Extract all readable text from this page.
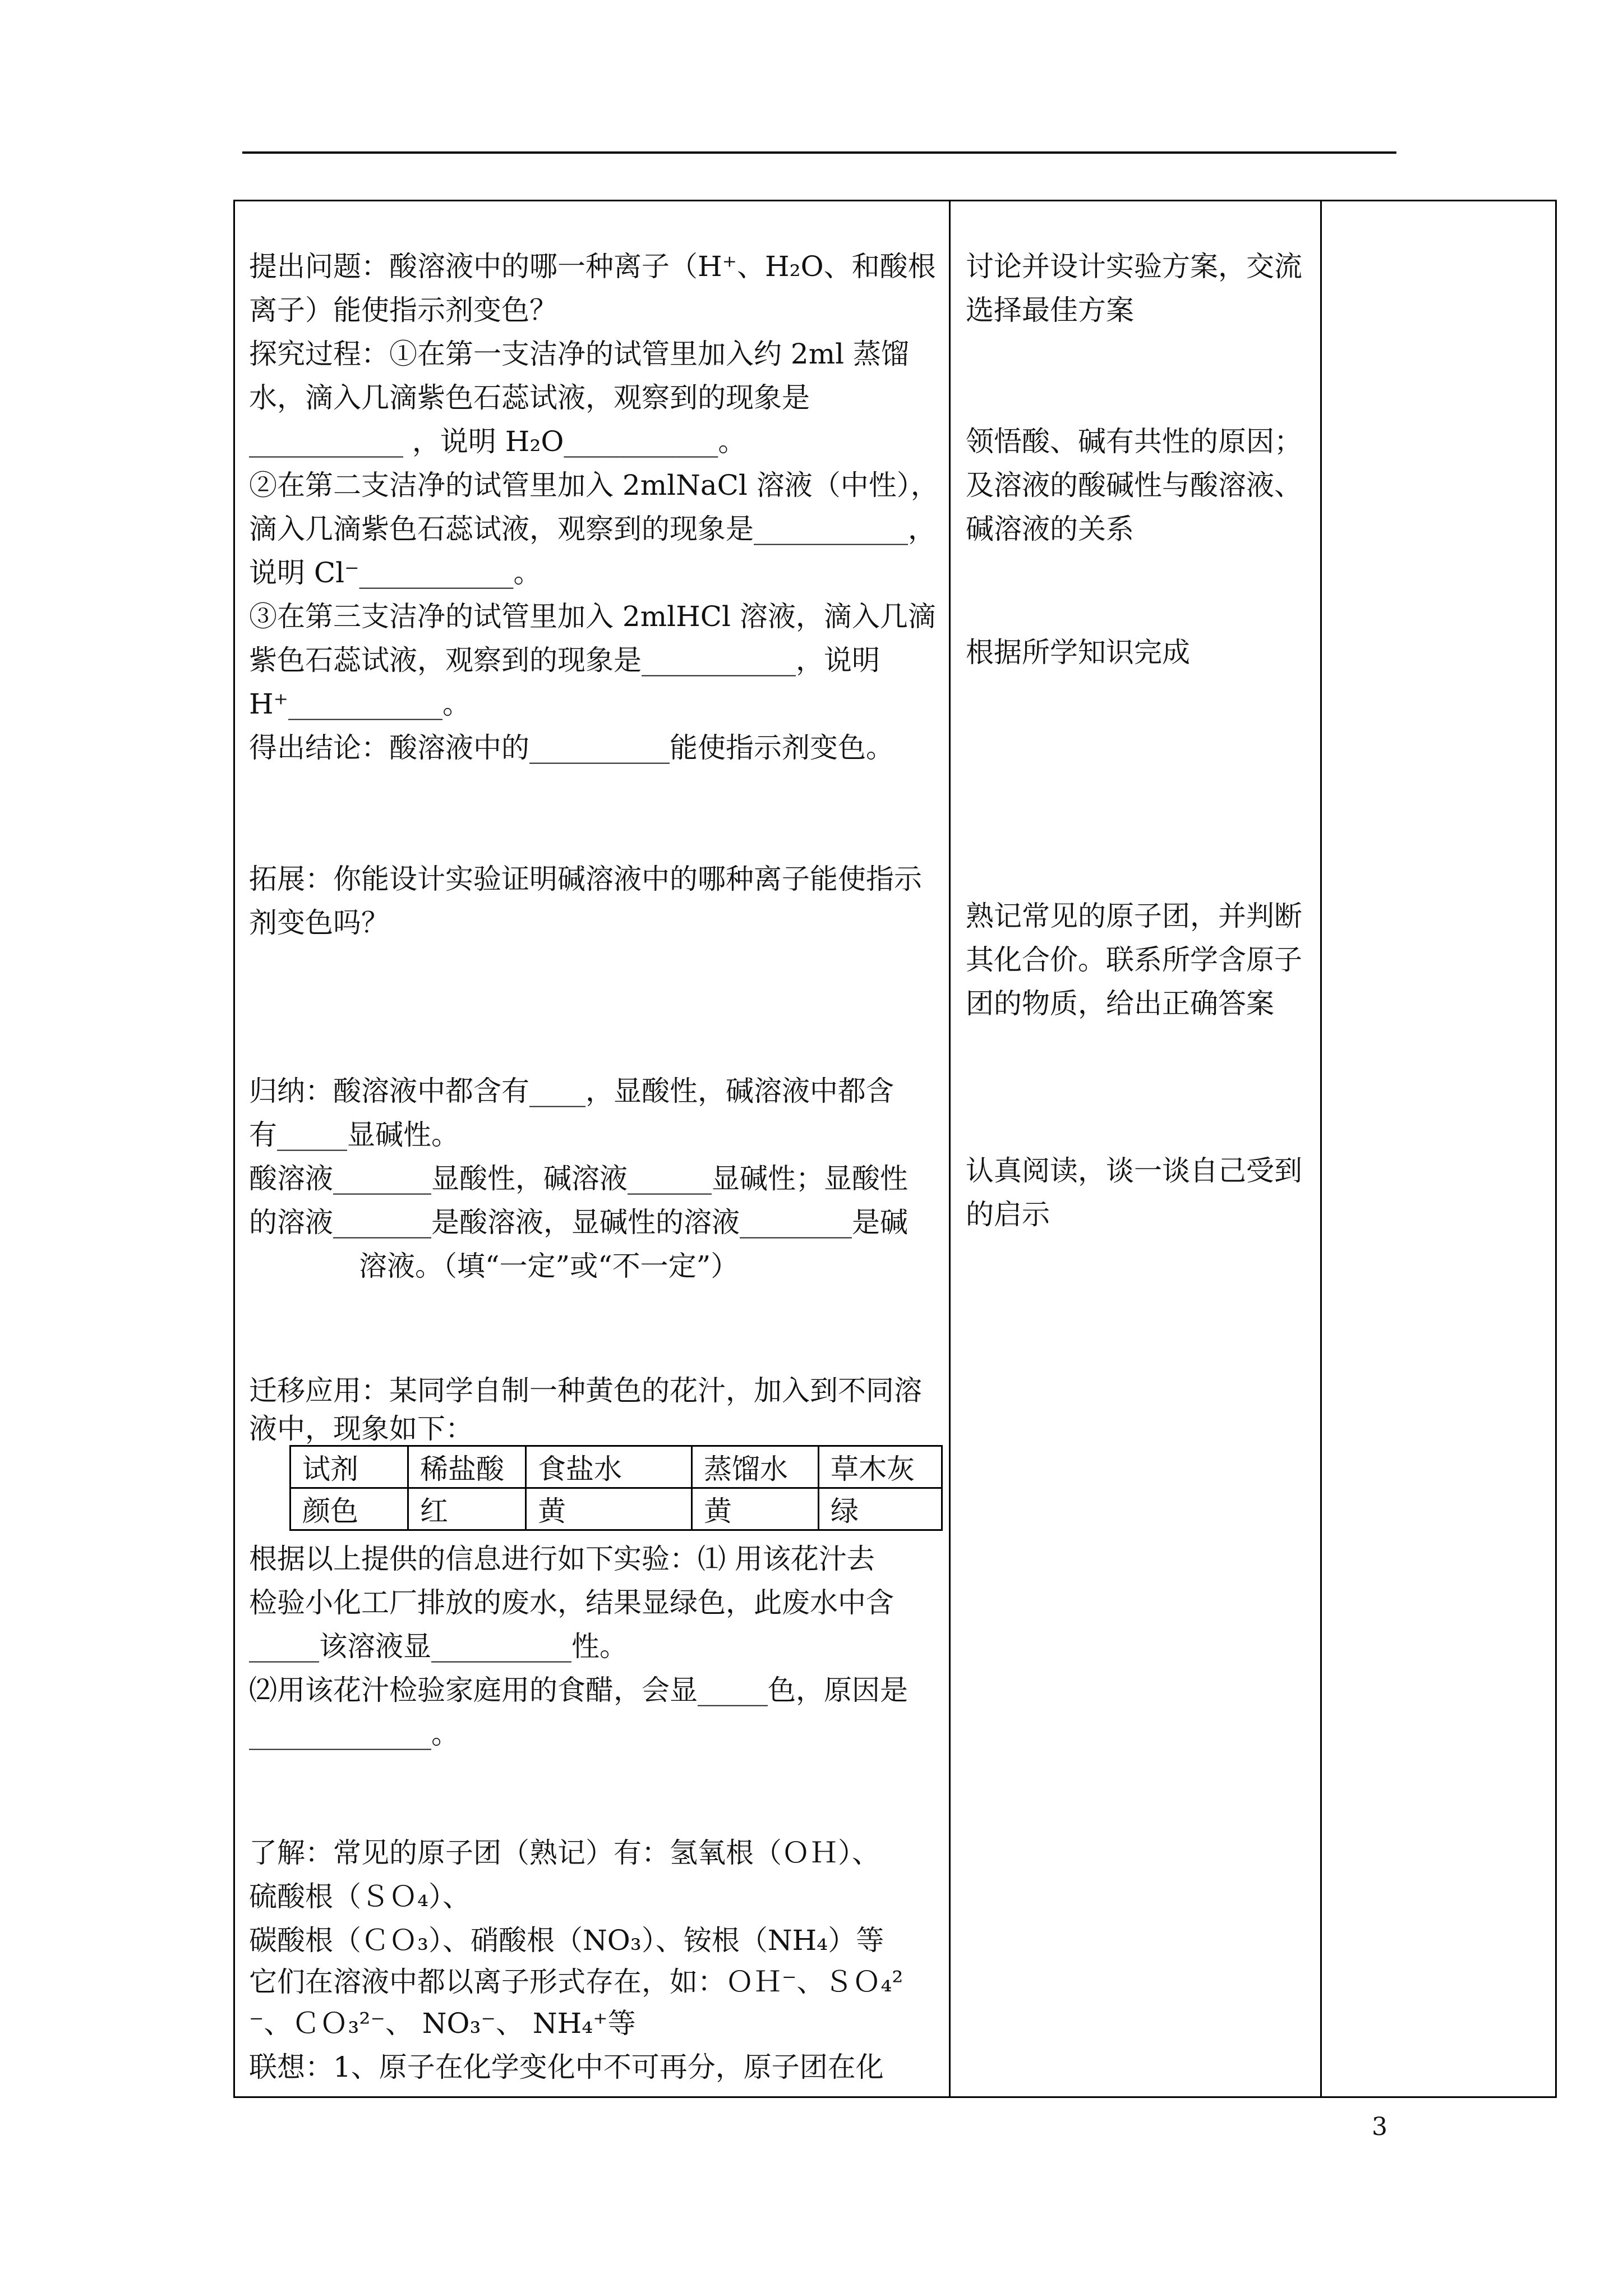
提出问题：酸溶液中的哪一种离子（H⁺、H₂O、和酸根
离子）能使指示剂变色？
探究过程：①在第一支洁净的试管里加入约 2ml 蒸馏
水，滴入几滴紫色石蕊试液，观察到的现象是
___________ ，说明 H₂O___________。
②在第二支洁净的试管里加入 2mlNaCl 溶液（中性），
滴入几滴紫色石蕊试液，观察到的现象是___________，
说明 Cl⁻___________。
③在第三支洁净的试管里加入 2mlHCl 溶液，滴入几滴
紫色石蕊试液，观察到的现象是___________，说明
H⁺___________。
得出结论：酸溶液中的__________能使指示剂变色。
拓展：你能设计实验证明碱溶液中的哪种离子能使指示
剂变色吗？
归纳：酸溶液中都含有____，显酸性，碱溶液中都含
有_____显碱性。
酸溶液_______显酸性，碱溶液______显碱性；显酸性
的溶液_______是酸溶液，显碱性的溶液________是碱
溶液。（填“一定”或“不一定”）
迁移应用：某同学自制一种黄色的花汁，加入到不同溶
液中，现象如下：
试剂	稀盐酸	食盐水	蒸馏水	草木灰
颜色	红	黄	黄	绿
根据以上提供的信息进行如下实验：⑴ 用该花汁去
检验小化工厂排放的废水，结果显绿色，此废水中含
_____该溶液显__________性。
⑵用该花汁检验家庭用的食醋，会显_____色，原因是
_____________。
了解：常见的原子团（熟记）有：氢氧根（ＯＨ）、
硫酸根（ＳＯ₄）、
碳酸根（ＣＯ₃）、硝酸根（NO₃）、铵根（NH₄）等
它们在溶液中都以离子形式存在，如：ＯＨ⁻、ＳＯ₄²
⁻、ＣＯ₃²⁻、 NO₃⁻、 NH₄⁺等
联想：1、原子在化学变化中不可再分，原子团在化
讨论并设计实验方案，交流
选择最佳方案
领悟酸、碱有共性的原因；
及溶液的酸碱性与酸溶液、
碱溶液的关系
根据所学知识完成
熟记常见的原子团，并判断
其化合价。联系所学含原子
团的物质，给出正确答案
认真阅读，谈一谈自己受到
的启示
3
